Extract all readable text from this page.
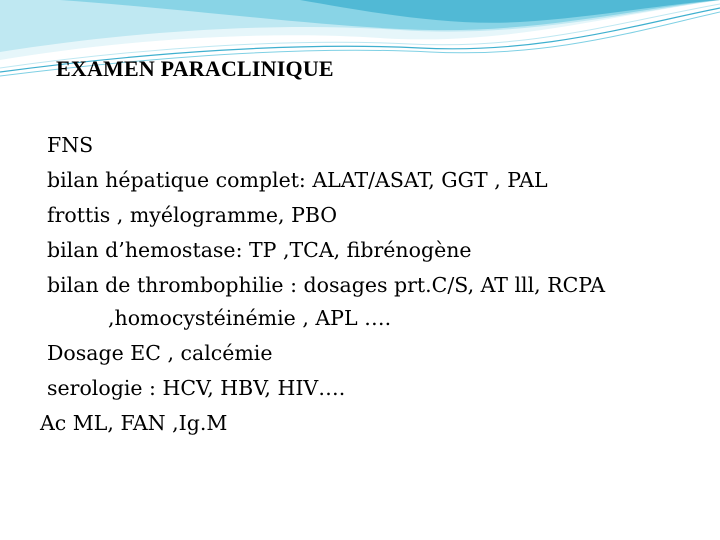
EXAMEN PARACLINIQUE
FNS
bilan hépatique complet: ALAT/ASAT, GGT , PAL
frottis , myélogramme, PBO
bilan d’hemostase: TP ,TCA, fibrénogène
bilan de thrombophilie : dosages prt.C/S, AT lll, RCPA
,homocystéinémie , APL ….
Dosage EC , calcémie
serologie : HCV, HBV, HIV….
Ac ML, FAN ,Ig.M
